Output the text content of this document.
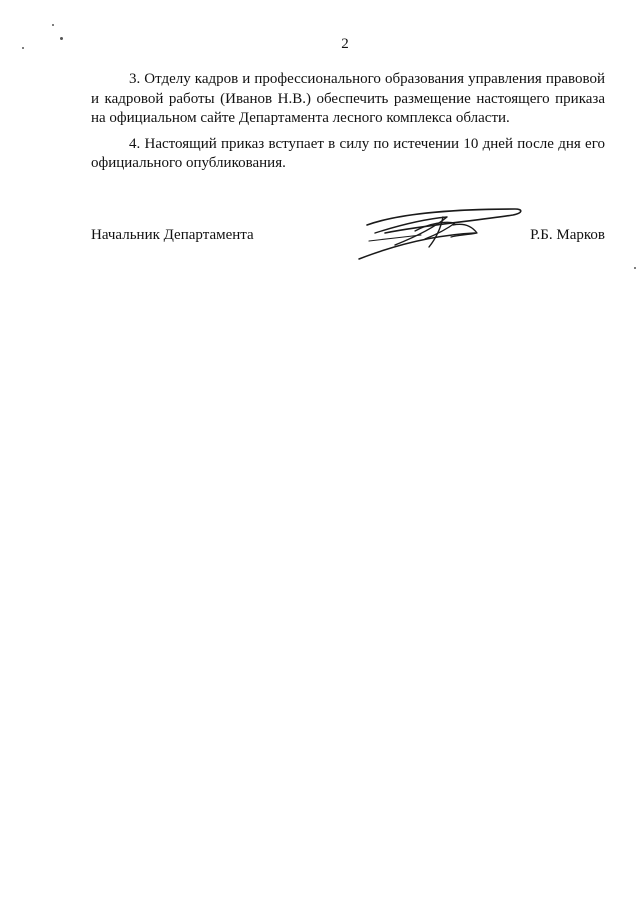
2

3. Отделу кадров и профессионального образования управления правовой и кадровой работы (Иванов Н.В.) обеспечить размещение настоящего приказа на официальном сайте Департамента лесного комплекса области.

4. Настоящий приказ вступает в силу по истечении 10 дней после дня его официального опубликования.

Начальник Департамента	Р.Б. Марков
